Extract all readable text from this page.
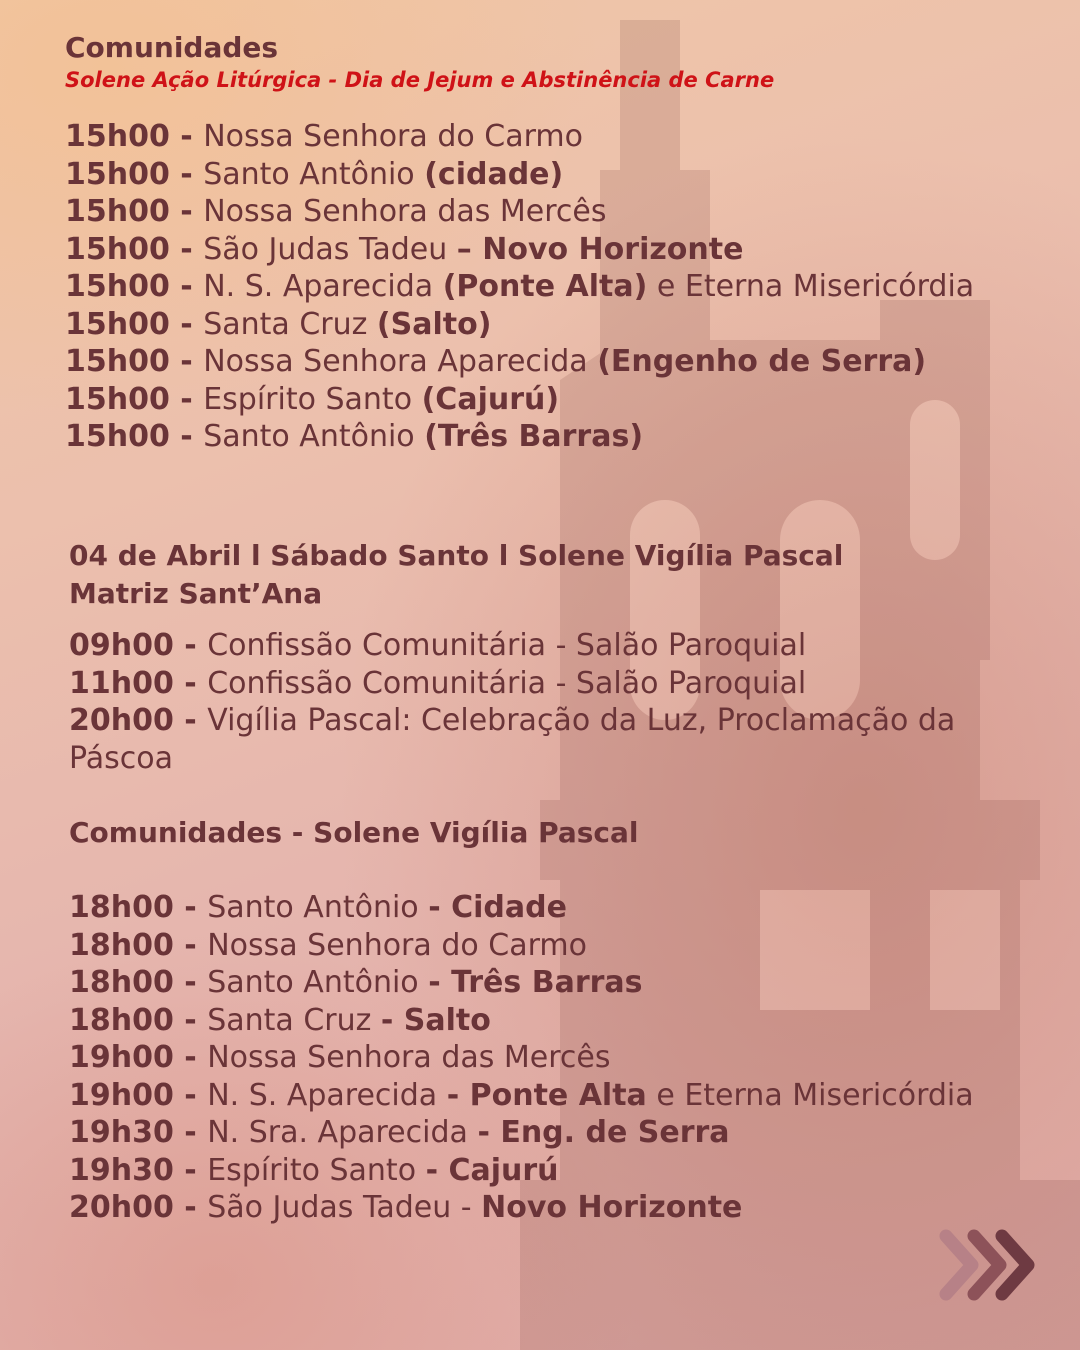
Comunidades

Solene Ação Litúrgica - Dia de Jejum e Abstinência de Carne

15h00 - Nossa Senhora do Carmo
15h00 - Santo Antônio (cidade)
15h00 - Nossa Senhora das Mercês
15h00 - São Judas Tadeu – Novo Horizonte
15h00 - N. S. Aparecida (Ponte Alta) e Eterna Misericórdia
15h00 - Santa Cruz (Salto)
15h00 - Nossa Senhora Aparecida (Engenho de Serra)
15h00 - Espírito Santo (Cajurú)
15h00 - Santo Antônio (Três Barras)

04 de Abril l Sábado Santo l Solene Vigília Pascal

Matriz Sant’Ana

09h00 - Confissão Comunitária - Salão Paroquial
11h00 - Confissão Comunitária - Salão Paroquial
20h00 - Vigília Pascal: Celebração da Luz, Proclamação da Páscoa

Comunidades - Solene Vigília Pascal

18h00 - Santo Antônio - Cidade
18h00 - Nossa Senhora do Carmo
18h00 - Santo Antônio - Três Barras
18h00 - Santa Cruz - Salto
19h00 - Nossa Senhora das Mercês
19h00 - N. S. Aparecida - Ponte Alta e Eterna Misericórdia
19h30 - N. Sra. Aparecida - Eng. de Serra
19h30 - Espírito Santo - Cajurú
20h00 - São Judas Tadeu - Novo Horizonte
